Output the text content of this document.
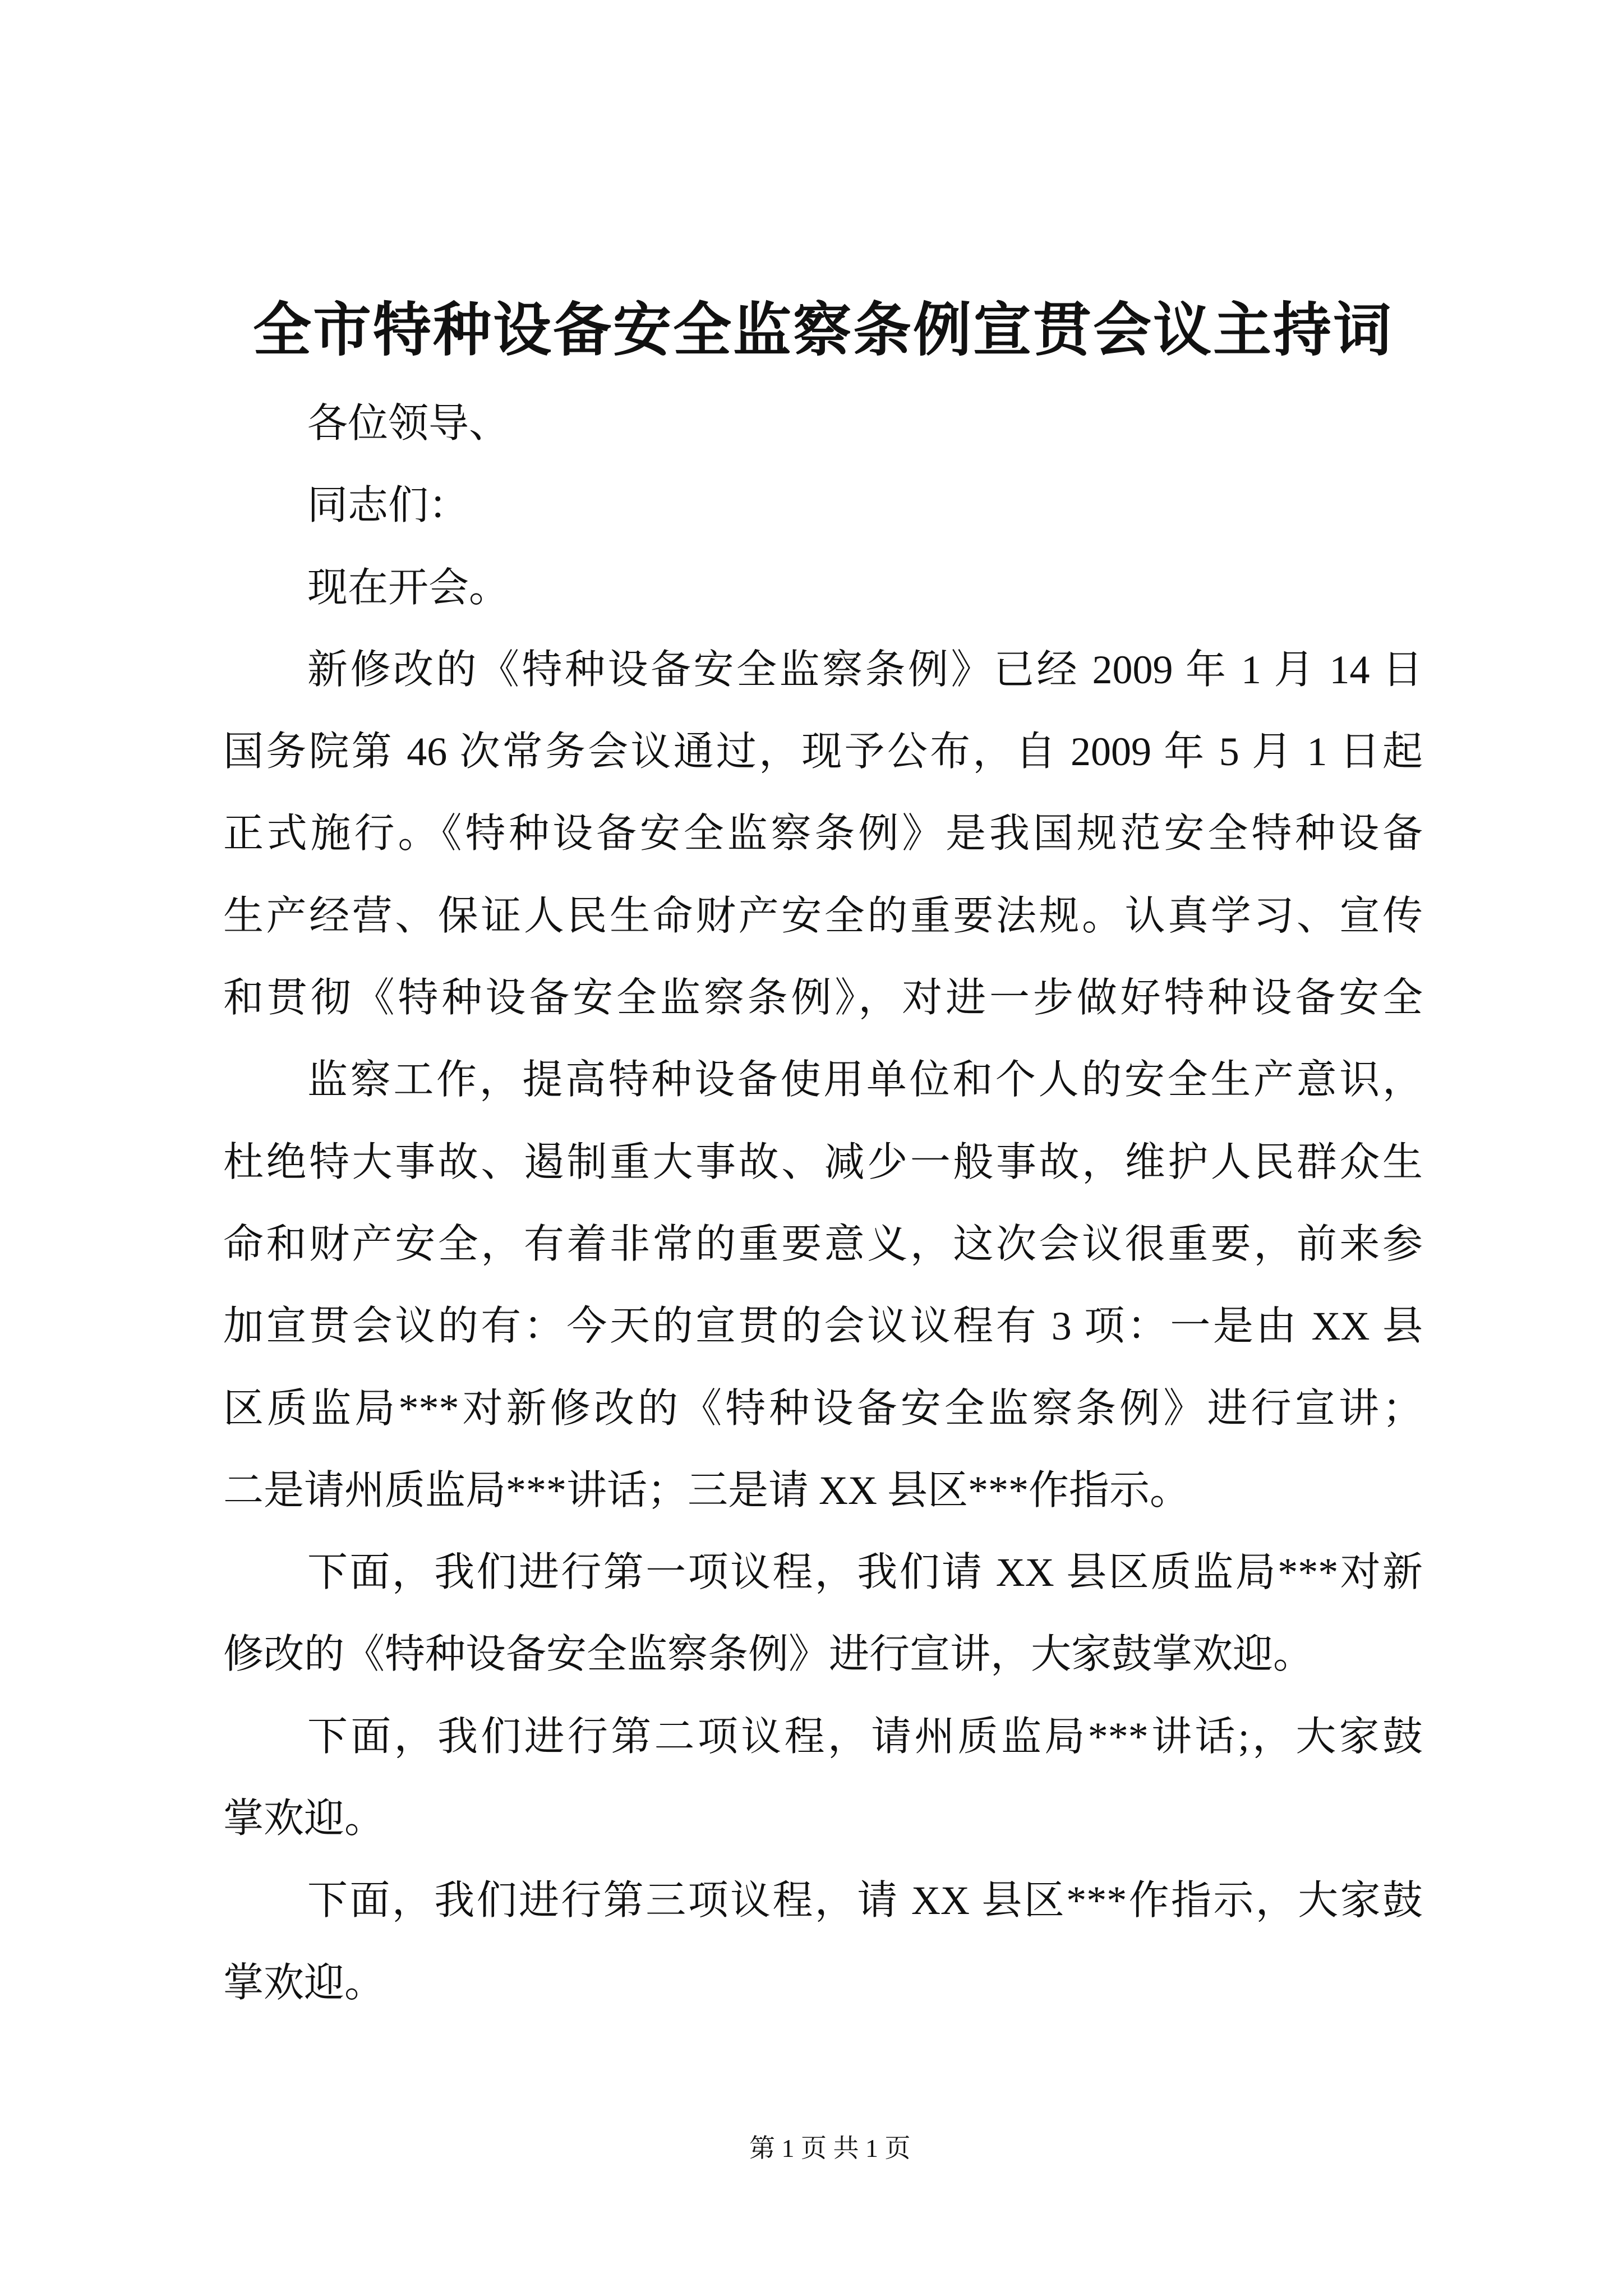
全市特种设备安全监察条例宣贯会议主持词
各位领导、
同志们：
现在开会。
新修改的《特种设备安全监察条例》已经 2009 年 1 月 14 日
国务院第 46 次常务会议通过，现予公布，自 2009 年 5 月 1 日起
正式施行。《特种设备安全监察条例》是我国规范安全特种设备
生产经营、保证人民生命财产安全的重要法规。认真学习、宣传
和贯彻《特种设备安全监察条例》，对进一步做好特种设备安全
监察工作，提高特种设备使用单位和个人的安全生产意识，
杜绝特大事故、遏制重大事故、减少一般事故，维护人民群众生
命和财产安全，有着非常的重要意义，这次会议很重要，前来参
加宣贯会议的有：今天的宣贯的会议议程有 3 项：一是由 XX 县
区质监局***对新修改的《特种设备安全监察条例》进行宣讲；
二是请州质监局***讲话；三是请 XX 县区***作指示。
下面，我们进行第一项议程，我们请 XX 县区质监局***对新
修改的《特种设备安全监察条例》进行宣讲，大家鼓掌欢迎。
下面，我们进行第二项议程，请州质监局***讲话;，大家鼓
掌欢迎。
下面，我们进行第三项议程，请 XX 县区***作指示，大家鼓
掌欢迎。
第 1 页 共 1 页
